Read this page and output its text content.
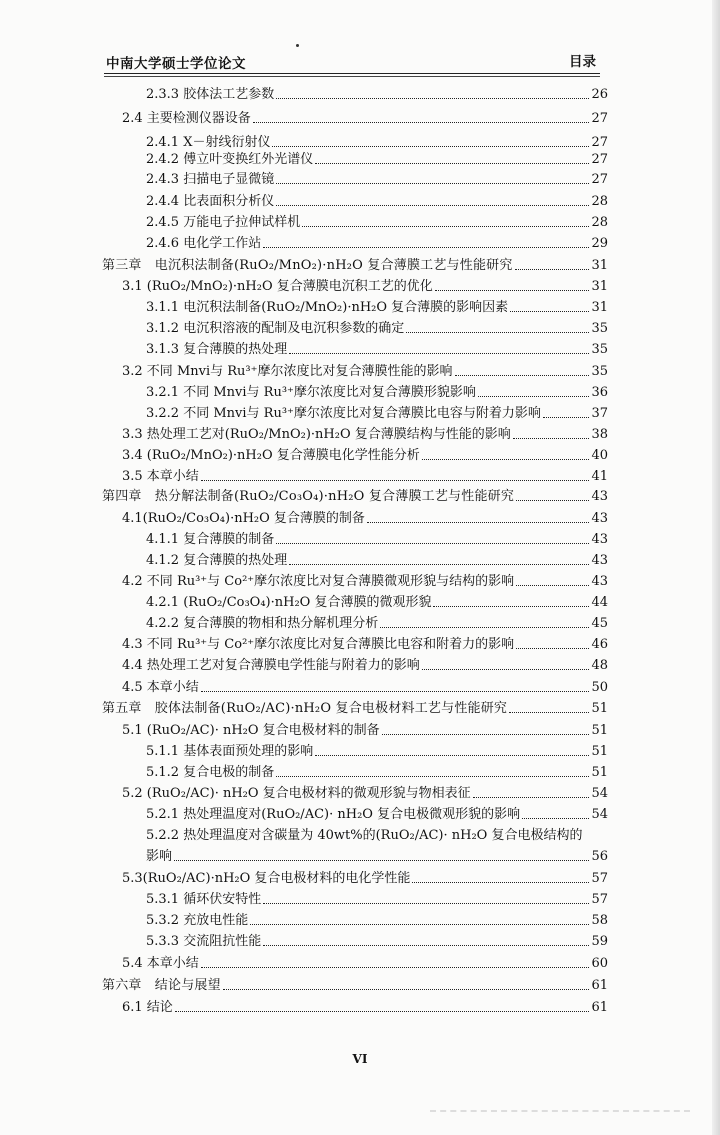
中南大学硕士学位论文	目录
2.3.3 胶体法工艺参数	26
2.4 主要检测仪器设备	27
2.4.1 X－射线衍射仪	27
2.4.2 傅立叶变换红外光谱仪	27
2.4.3 扫描电子显微镜	27
2.4.4 比表面积分析仪	28
2.4.5 万能电子拉伸试样机	28
2.4.6 电化学工作站	29
第三章　电沉积法制备(RuO₂/MnO₂)·nH₂O 复合薄膜工艺与性能研究	31
3.1 (RuO₂/MnO₂)·nH₂O 复合薄膜电沉积工艺的优化	31
3.1.1 电沉积法制备(RuO₂/MnO₂)·nH₂O 复合薄膜的影响因素	31
3.1.2 电沉积溶液的配制及电沉积参数的确定	35
3.1.3 复合薄膜的热处理	35
3.2 不同 Mnⅵ与 Ru³⁺摩尔浓度比对复合薄膜性能的影响	35
3.2.1 不同 Mnⅵ与 Ru³⁺摩尔浓度比对复合薄膜形貌影响	36
3.2.2 不同 Mnⅵ与 Ru³⁺摩尔浓度比对复合薄膜比电容与附着力影响	37
3.3 热处理工艺对(RuO₂/MnO₂)·nH₂O 复合薄膜结构与性能的影响	38
3.4 (RuO₂/MnO₂)·nH₂O 复合薄膜电化学性能分析	40
3.5 本章小结	41
第四章　热分解法制备(RuO₂/Co₃O₄)·nH₂O 复合薄膜工艺与性能研究	43
4.1(RuO₂/Co₃O₄)·nH₂O 复合薄膜的制备	43
4.1.1 复合薄膜的制备	43
4.1.2 复合薄膜的热处理	43
4.2 不同 Ru³⁺与 Co²⁺摩尔浓度比对复合薄膜微观形貌与结构的影响	43
4.2.1 (RuO₂/Co₃O₄)·nH₂O 复合薄膜的微观形貌	44
4.2.2 复合薄膜的物相和热分解机理分析	45
4.3 不同 Ru³⁺与 Co²⁺摩尔浓度比对复合薄膜比电容和附着力的影响	46
4.4 热处理工艺对复合薄膜电学性能与附着力的影响	48
4.5 本章小结	50
第五章　胶体法制备(RuO₂/AC)·nH₂O 复合电极材料工艺与性能研究	51
5.1 (RuO₂/AC)· nH₂O 复合电极材料的制备	51
5.1.1 基体表面预处理的影响	51
5.1.2 复合电极的制备	51
5.2 (RuO₂/AC)· nH₂O 复合电极材料的微观形貌与物相表征	54
5.2.1 热处理温度对(RuO₂/AC)· nH₂O 复合电极微观形貌的影响	54
5.2.2 热处理温度对含碳量为 40wt%的(RuO₂/AC)· nH₂O 复合电极结构的
影响	56
5.3(RuO₂/AC)·nH₂O 复合电极材料的电化学性能	57
5.3.1 循环伏安特性	57
5.3.2 充放电性能	58
5.3.3 交流阻抗性能	59
5.4 本章小结	60
第六章　结论与展望	61
6.1 结论	61
VI
